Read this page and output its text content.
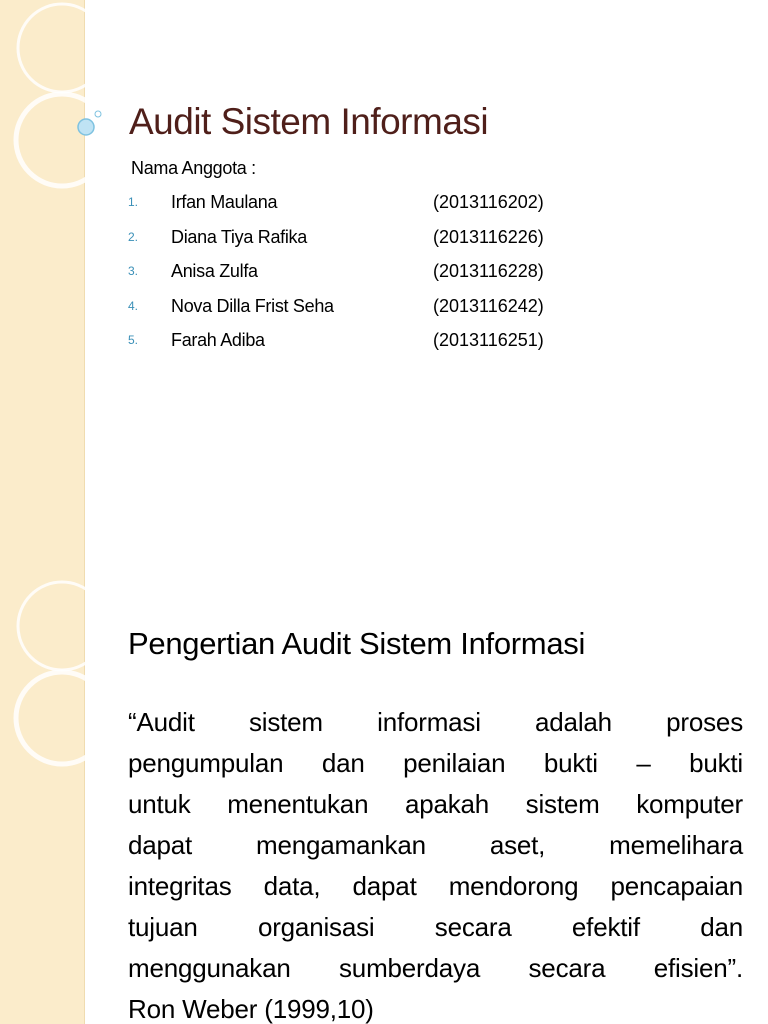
Audit Sistem Informasi

Nama Anggota :

1. Irfan Maulana	(2013116202)
2. Diana Tiya Rafika	(2013116226)
3. Anisa Zulfa	(2013116228)
4. Nova Dilla Frist Seha	(2013116242)
5. Farah Adiba	(2013116251)
Pengertian Audit Sistem Informasi

“Audit sistem informasi adalah proses
pengumpulan dan penilaian bukti – bukti
untuk menentukan apakah sistem komputer
dapat mengamankan aset, memelihara
integritas data, dapat mendorong pencapaian
tujuan organisasi secara efektif dan
menggunakan sumberdaya secara efisien”.
Ron Weber (1999,10)
